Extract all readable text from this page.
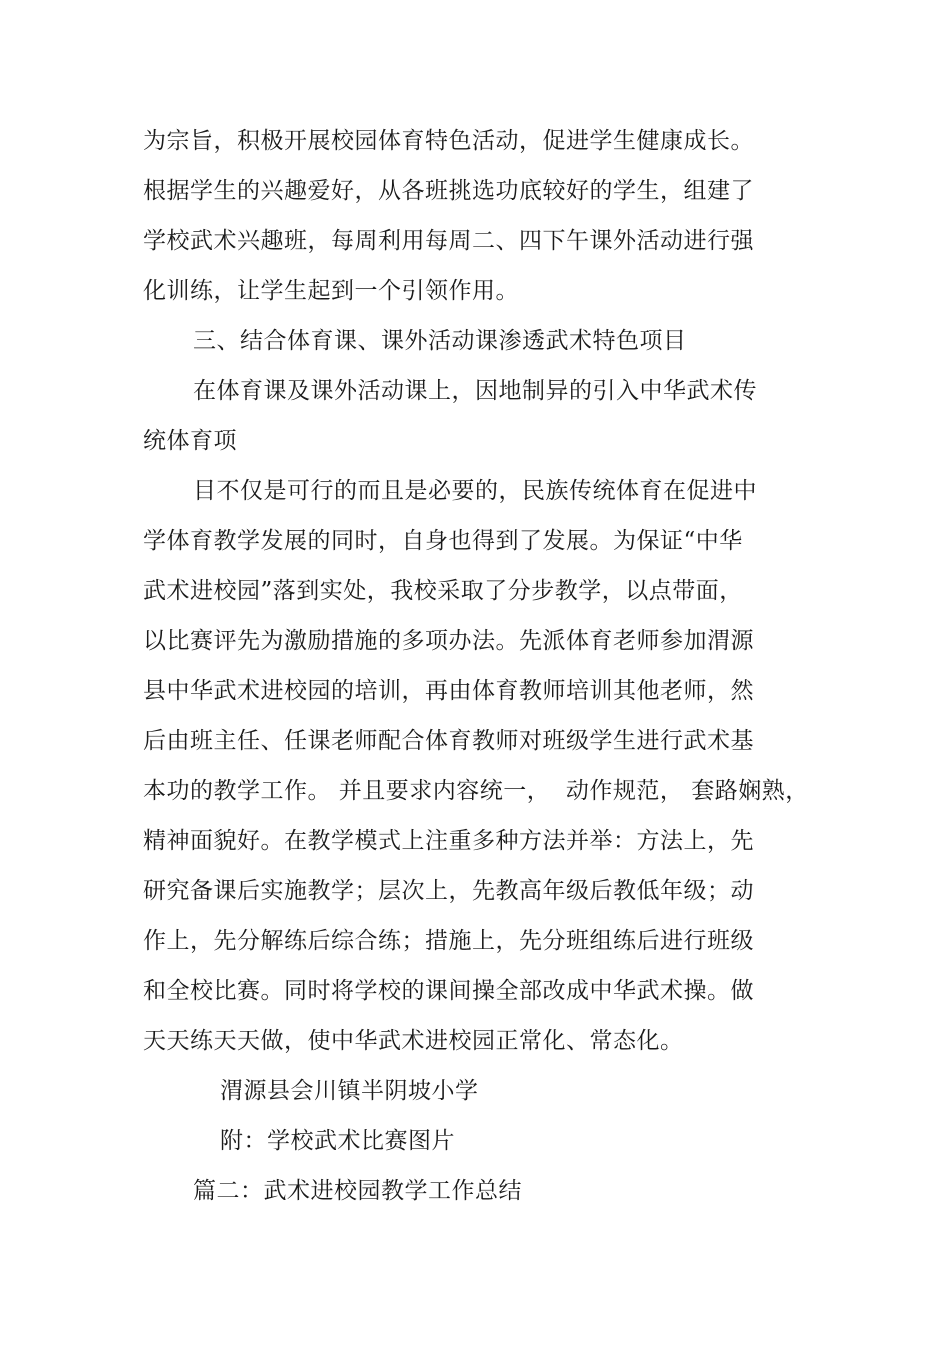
为宗旨，积极开展校园体育特色活动，促进学生健康成长。
根据学生的兴趣爱好，从各班挑选功底较好的学生，组建了
学校武术兴趣班，每周利用每周二、四下午课外活动进行强
化训练，让学生起到一个引领作用。
三、结合体育课、课外活动课渗透武术特色项目
在体育课及课外活动课上，因地制异的引入中华武术传
统体育项
目不仅是可行的而且是必要的，民族传统体育在促进中
学体育教学发展的同时，自身也得到了发展。为保证“中华
武术进校园”落到实处，我校采取了分步教学，以点带面，
以比赛评先为激励措施的多项办法。先派体育老师参加渭源
县中华武术进校园的培训，再由体育教师培训其他老师，然
后由班主任、任课老师配合体育教师对班级学生进行武术基
本功的教学工作。 并且要求内容统一，  动作规范， 套路娴熟，
精神面貌好。在教学模式上注重多种方法并举：方法上，先
研究备课后实施教学；层次上，先教高年级后教低年级；动
作上，先分解练后综合练；措施上，先分班组练后进行班级
和全校比赛。同时将学校的课间操全部改成中华武术操。做
天天练天天做，使中华武术进校园正常化、常态化。
渭源县会川镇半阴坡小学
附：学校武术比赛图片
篇二：武术进校园教学工作总结
